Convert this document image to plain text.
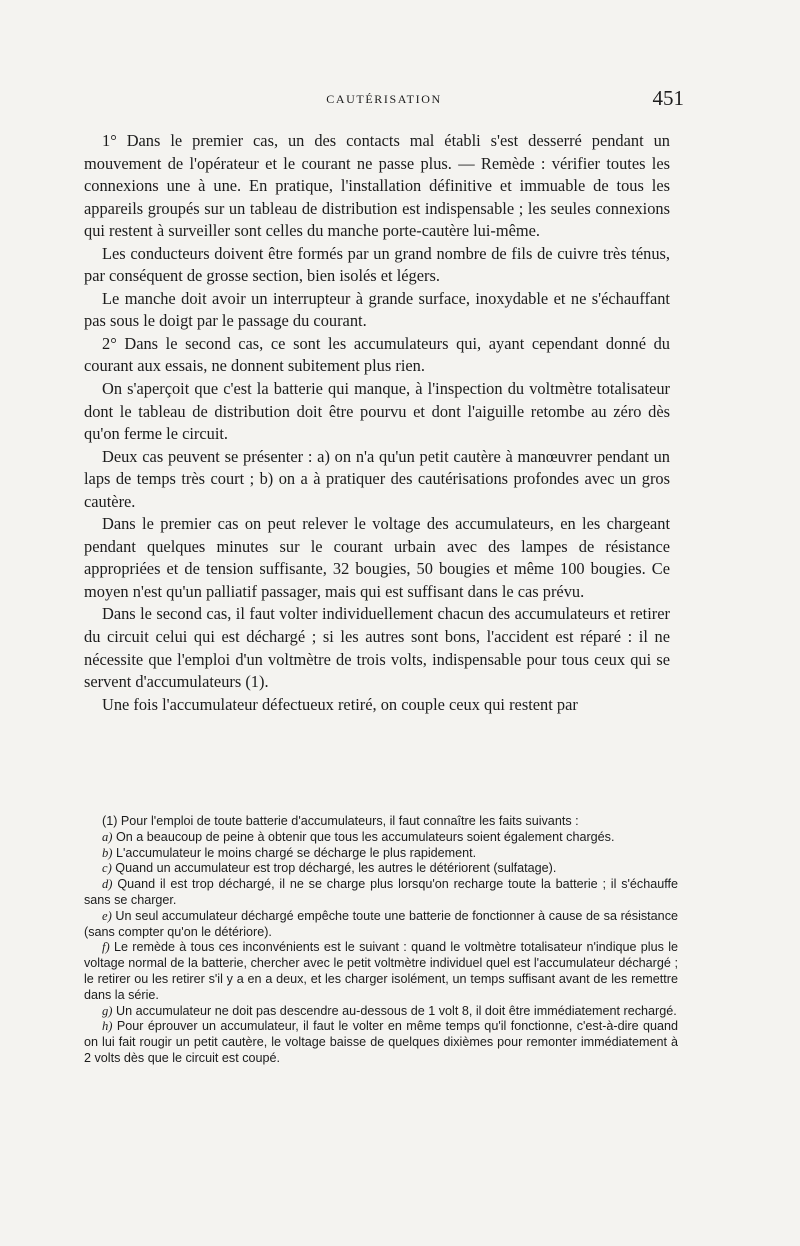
CAUTÉRISATION	451

1° Dans le premier cas, un des contacts mal établi s'est desserré pendant un mouvement de l'opérateur et le courant ne passe plus. — Remède : vérifier toutes les connexions une à une. En pratique, l'installation définitive et immuable de tous les appareils groupés sur un tableau de distribution est indispensable ; les seules connexions qui restent à surveiller sont celles du manche porte-cautère lui-même.

Les conducteurs doivent être formés par un grand nombre de fils de cuivre très ténus, par conséquent de grosse section, bien isolés et légers.

Le manche doit avoir un interrupteur à grande surface, inoxydable et ne s'échauffant pas sous le doigt par le passage du courant.

2° Dans le second cas, ce sont les accumulateurs qui, ayant cependant donné du courant aux essais, ne donnent subitement plus rien.

On s'aperçoit que c'est la batterie qui manque, à l'inspection du voltmètre totalisateur dont le tableau de distribution doit être pourvu et dont l'aiguille retombe au zéro dès qu'on ferme le circuit.

Deux cas peuvent se présenter : a) on n'a qu'un petit cautère à manœuvrer pendant un laps de temps très court ; b) on a à pratiquer des cautérisations profondes avec un gros cautère.

Dans le premier cas on peut relever le voltage des accumulateurs, en les chargeant pendant quelques minutes sur le courant urbain avec des lampes de résistance appropriées et de tension suffisante, 32 bougies, 50 bougies et même 100 bougies. Ce moyen n'est qu'un palliatif passager, mais qui est suffisant dans le cas prévu.

Dans le second cas, il faut volter individuellement chacun des accumulateurs et retirer du circuit celui qui est déchargé ; si les autres sont bons, l'accident est réparé : il ne nécessite que l'emploi d'un voltmètre de trois volts, indispensable pour tous ceux qui se servent d'accumulateurs (1).

Une fois l'accumulateur défectueux retiré, on couple ceux qui restent par

(1) Pour l'emploi de toute batterie d'accumulateurs, il faut connaître les faits suivants :

a) On a beaucoup de peine à obtenir que tous les accumulateurs soient également chargés.

b) L'accumulateur le moins chargé se décharge le plus rapidement.

c) Quand un accumulateur est trop déchargé, les autres le détériorent (sulfatage).

d) Quand il est trop déchargé, il ne se charge plus lorsqu'on recharge toute la batterie ; il s'échauffe sans se charger.

e) Un seul accumulateur déchargé empêche toute une batterie de fonctionner à cause de sa résistance (sans compter qu'on le détériore).

f) Le remède à tous ces inconvénients est le suivant : quand le voltmètre totalisateur n'indique plus le voltage normal de la batterie, chercher avec le petit voltmètre individuel quel est l'accumulateur déchargé ; le retirer ou les retirer s'il y a en a deux, et les charger isolément, un temps suffisant avant de les remettre dans la série.

g) Un accumulateur ne doit pas descendre au-dessous de 1 volt 8, il doit être immédiatement rechargé.

h) Pour éprouver un accumulateur, il faut le volter en même temps qu'il fonctionne, c'est-à-dire quand on lui fait rougir un petit cautère, le voltage baisse de quelques dixièmes pour remonter immédiatement à 2 volts dès que le circuit est coupé.
